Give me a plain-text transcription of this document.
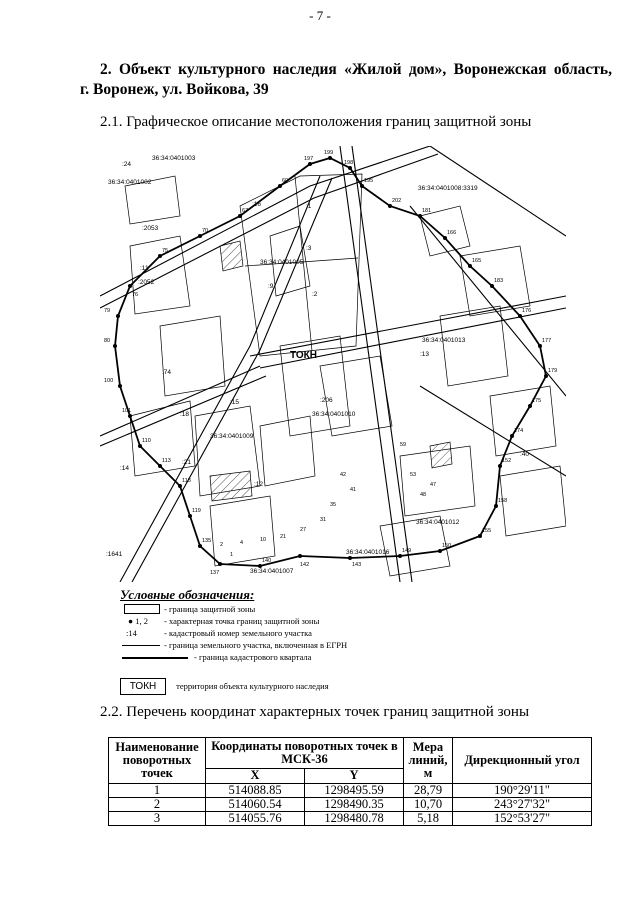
- 7 -
2. Объект культурного наследия «Жилой дом», Воронежская область,
г. Воронеж, ул. Войкова, 39
2.1. Графическое описание местоположения границ защитной зоны
36:34:0401003
36:34:0401002
36:34:0401005
36:34:0401013
36:34:0401010
36:34:0401009
36:34:0401012
36:34:0401016
36:34:0401007
36:34:0401008:3319
:1
:2
:3
:9
:11
:12
:13
:14
:15
:16
:18
:21
:24
:40
:74
:206
:2052
:2053
:1641
ТОКН
197
199
198
195
202
181
166
165
183
176
177
179
175
174
152
158
155
150
149
143
142
140
137
135
119
118
113
110
101
100
80
79
76
75
70
67
60
59
53
48
47
42
41
35
31
27
21
10
4
2
1
Условные обозначения:
- граница защитной зоны
● 1, 2 - характерная точка границ защитной зоны
:14	- кадастровый номер земельного участка
- граница земельного участка, включенная в ЕГРН
- граница кадастрового квартала
ТОКН территория объекта культурного наследия
2.2. Перечень координат характерных точек границ защитной зоны
Наименование поворотных точек	Координаты поворотных точек в МСК-36		Мера линий, м	Дирекционный угол
	X	Y		
1	514088.85	1298495.59	28,79	190°29'11"
2	514060.54	1298490.35	10,70	243°27'32"
3	514055.76	1298480.78	5,18	152°53'27"
